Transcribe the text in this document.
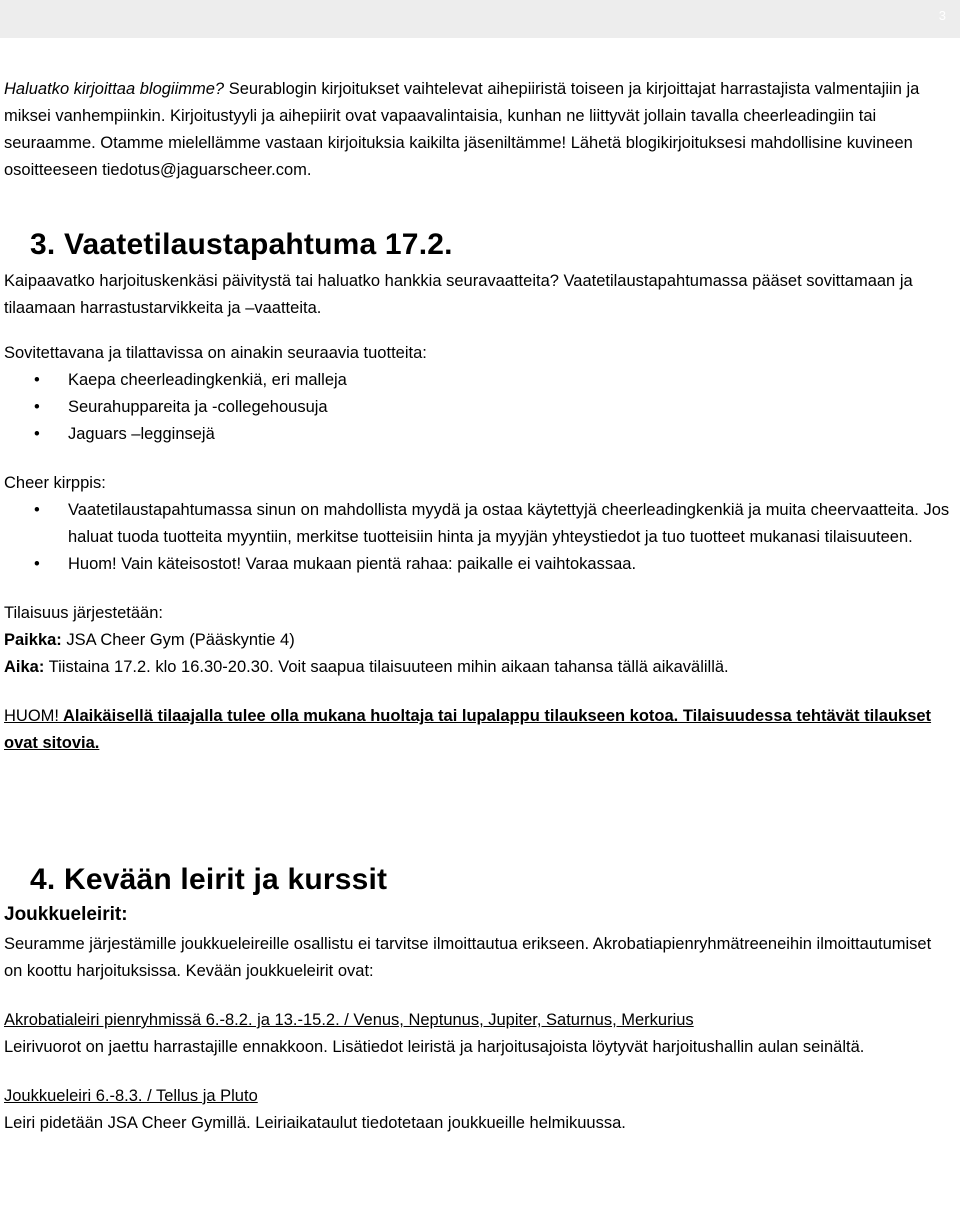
3

Haluatko kirjoittaa blogiimme? Seurablogin kirjoitukset vaihtelevat aihepiiristä toiseen ja kirjoittajat harrastajista valmentajiin ja miksei vanhempiinkin. Kirjoitustyyli ja aihepiirit ovat vapaavalintaisia, kunhan ne liittyvät jollain tavalla cheerleadingiin tai seuraamme. Otamme mielellämme vastaan kirjoituksia kaikilta jäseniltämme! Lähetä blogikirjoituksesi mahdollisine kuvineen osoitteeseen tiedotus@jaguarscheer.com.

3. Vaatetilaustapahtuma 17.2.

Kaipaavatko harjoituskenkäsi päivitystä tai haluatko hankkia seuravaatteita? Vaatetilaustapahtumassa pääset sovittamaan ja tilaamaan harrastustarvikkeita ja –vaatteita.

Sovitettavana ja tilattavissa on ainakin seuraavia tuotteita:

• Kaepa cheerleadingkenkiä, eri malleja
• Seurahuppareita ja -collegehousuja
• Jaguars –legginsejä

Cheer kirppis:

• Vaatetilaustapahtumassa sinun on mahdollista myydä ja ostaa käytettyjä cheerleadingkenkiä ja muita cheervaatteita. Jos haluat tuoda tuotteita myyntiin, merkitse tuotteisiin hinta ja myyjän yhteystiedot ja tuo tuotteet mukanasi tilaisuuteen.
• Huom! Vain käteisostot! Varaa mukaan pientä rahaa: paikalle ei vaihtokassaa.

Tilaisuus järjestetään:

Paikka: JSA Cheer Gym (Pääskyntie 4)

Aika: Tiistaina 17.2. klo 16.30-20.30. Voit saapua tilaisuuteen mihin aikaan tahansa tällä aikavälillä.

HUOM! Alaikäisellä tilaajalla tulee olla mukana huoltaja tai lupalappu tilaukseen kotoa. Tilaisuudessa tehtävät tilaukset ovat sitovia.

4. Kevään leirit ja kurssit

Joukkueleirit:

Seuramme järjestämille joukkueleireille osallistu ei tarvitse ilmoittautua erikseen. Akrobatiapienryhmätreeneihin ilmoittautumiset on koottu harjoituksissa. Kevään joukkueleirit ovat:

Akrobatialeiri pienryhmissä 6.-8.2. ja 13.-15.2. / Venus, Neptunus, Jupiter, Saturnus, Merkurius

Leirivuorot on jaettu harrastajille ennakkoon. Lisätiedot leiristä ja harjoitusajoista löytyvät harjoitushallin aulan seinältä.

Joukkueleiri 6.-8.3. / Tellus ja Pluto

Leiri pidetään JSA Cheer Gymillä. Leiriaikataulut tiedotetaan joukkueille helmikuussa.
